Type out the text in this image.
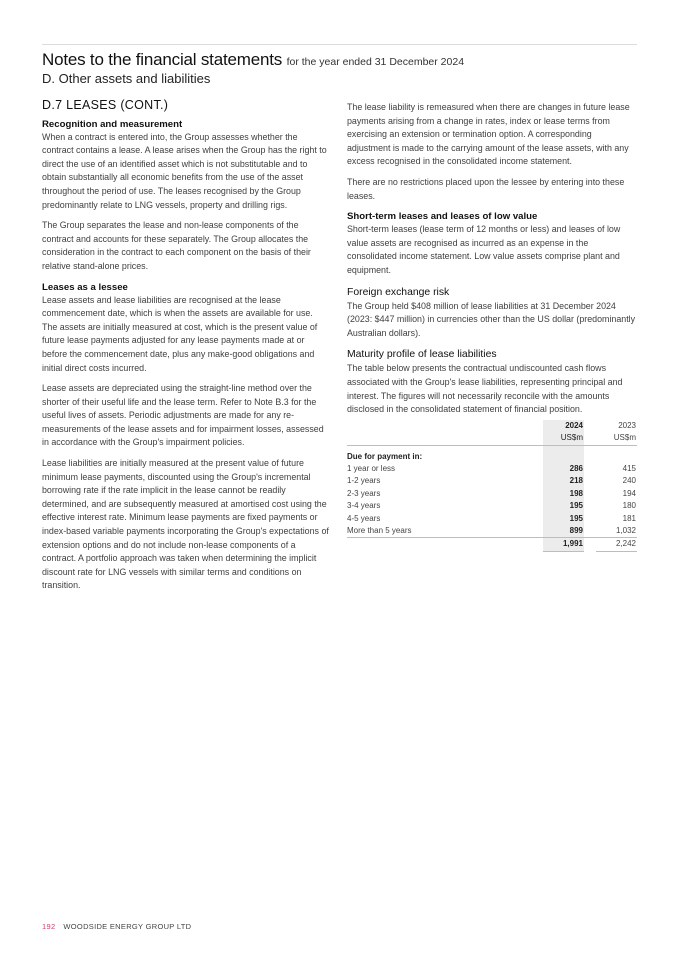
Notes to the financial statements for the year ended 31 December 2024
D. Other assets and liabilities
D.7 LEASES (CONT.)
Recognition and measurement

When a contract is entered into, the Group assesses whether the contract contains a lease. A lease arises when the Group has the right to direct the use of an identified asset which is not substitutable and to obtain substantially all economic benefits from the use of the asset throughout the period of use. The leases recognised by the Group predominantly relate to LNG vessels, property and drilling rigs.

The Group separates the lease and non-lease components of the contract and accounts for these separately. The Group allocates the consideration in the contract to each component on the basis of their relative stand-alone prices.

Leases as a lessee

Lease assets and lease liabilities are recognised at the lease commencement date, which is when the assets are available for use. The assets are initially measured at cost, which is the present value of future lease payments adjusted for any lease payments made at or before the commencement date, plus any make-good obligations and initial direct costs incurred.

Lease assets are depreciated using the straight-line method over the shorter of their useful life and the lease term. Refer to Note B.3 for the useful lives of assets. Periodic adjustments are made for any re-measurements of the lease assets and for impairment losses, assessed in accordance with the Group's impairment policies.

Lease liabilities are initially measured at the present value of future minimum lease payments, discounted using the Group's incremental borrowing rate if the rate implicit in the lease cannot be readily determined, and are subsequently measured at amortised cost using the effective interest rate. Minimum lease payments are fixed payments or index-based variable payments incorporating the Group's expectations of extension options and do not include non-lease components of a contract. A portfolio approach was taken when determining the implicit discount rate for LNG vessels with similar terms and conditions on transition.

The lease liability is remeasured when there are changes in future lease payments arising from a change in rates, index or lease terms from exercising an extension or termination option. A corresponding adjustment is made to the carrying amount of the lease assets, with any excess recognised in the consolidated income statement.

There are no restrictions placed upon the lessee by entering into these leases.

Short-term leases and leases of low value

Short-term leases (lease term of 12 months or less) and leases of low value assets are recognised as incurred as an expense in the consolidated income statement. Low value assets comprise plant and equipment.

Foreign exchange risk

The Group held $408 million of lease liabilities at 31 December 2024 (2023: $447 million) in currencies other than the US dollar (predominantly Australian dollars).

Maturity profile of lease liabilities

The table below presents the contractual undiscounted cash flows associated with the Group's lease liabilities, representing principal and interest. The figures will not necessarily reconcile with the amounts disclosed in the consolidated statement of financial position.

	2024		2023
	US$m		US$m

Due for payment in:			
1 year or less	286		415
1-2 years	218		240
2-3 years	198		194
3-4 years	195		180
4-5 years	195		181
More than 5 years	899		1,032
	1,991		2,242
192 WOODSIDE ENERGY GROUP LTD
